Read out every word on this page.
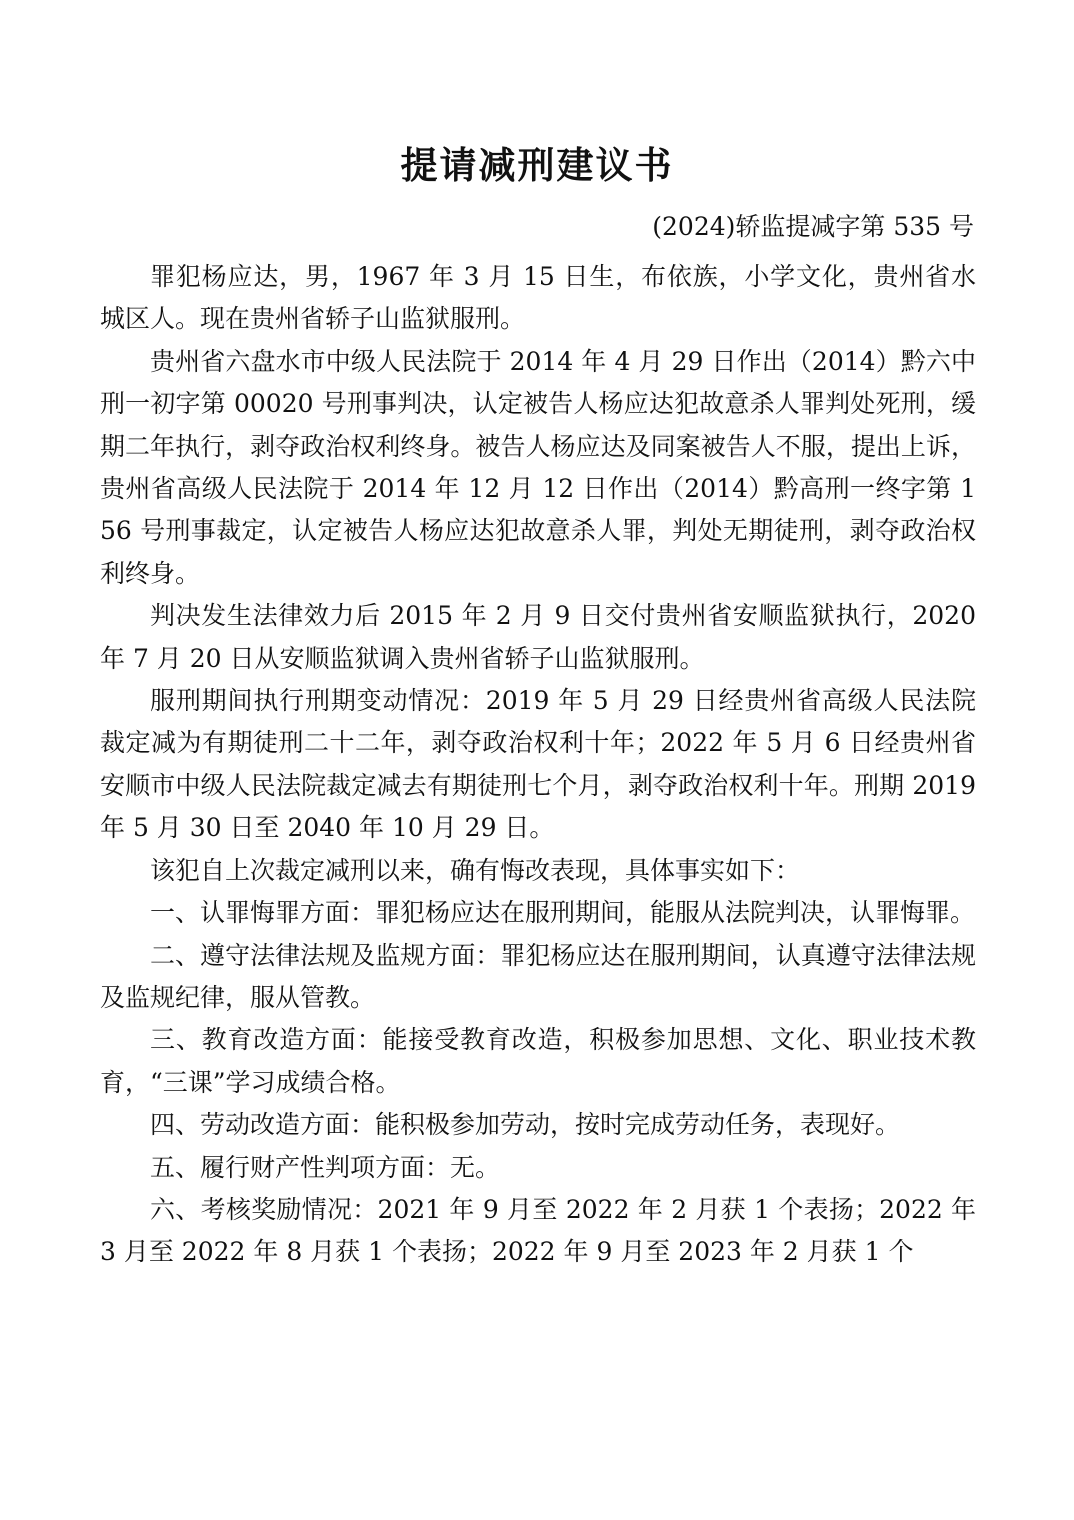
提请减刑建议书
(2024)轿监提减字第 535 号

罪犯杨应达，男，1967 年 3 月 15 日生，布依族，小学文化，贵州省水城区人。现在贵州省轿子山监狱服刑。

贵州省六盘水市中级人民法院于 2014 年 4 月 29 日作出（2014）黔六中刑一初字第 00020 号刑事判决，认定被告人杨应达犯故意杀人罪判处死刑，缓期二年执行，剥夺政治权利终身。被告人杨应达及同案被告人不服，提出上诉，贵州省高级人民法院于 2014 年 12 月 12 日作出（2014）黔高刑一终字第 156 号刑事裁定，认定被告人杨应达犯故意杀人罪，判处无期徒刑，剥夺政治权利终身。

判决发生法律效力后 2015 年 2 月 9 日交付贵州省安顺监狱执行，2020 年 7 月 20 日从安顺监狱调入贵州省轿子山监狱服刑。

服刑期间执行刑期变动情况：2019 年 5 月 29 日经贵州省高级人民法院裁定减为有期徒刑二十二年，剥夺政治权利十年；2022 年 5 月 6 日经贵州省安顺市中级人民法院裁定减去有期徒刑七个月，剥夺政治权利十年。刑期 2019 年 5 月 30 日至 2040 年 10 月 29 日。

该犯自上次裁定减刑以来，确有悔改表现，具体事实如下：

一、认罪悔罪方面：罪犯杨应达在服刑期间，能服从法院判决，认罪悔罪。

二、遵守法律法规及监规方面：罪犯杨应达在服刑期间，认真遵守法律法规及监规纪律，服从管教。

三、教育改造方面：能接受教育改造，积极参加思想、文化、职业技术教育，“三课”学习成绩合格。

四、劳动改造方面：能积极参加劳动，按时完成劳动任务，表现好。

五、履行财产性判项方面：无。

六、考核奖励情况：2021 年 9 月至 2022 年 2 月获 1 个表扬；2022 年 3 月至 2022 年 8 月获 1 个表扬；2022 年 9 月至 2023 年 2 月获 1 个
